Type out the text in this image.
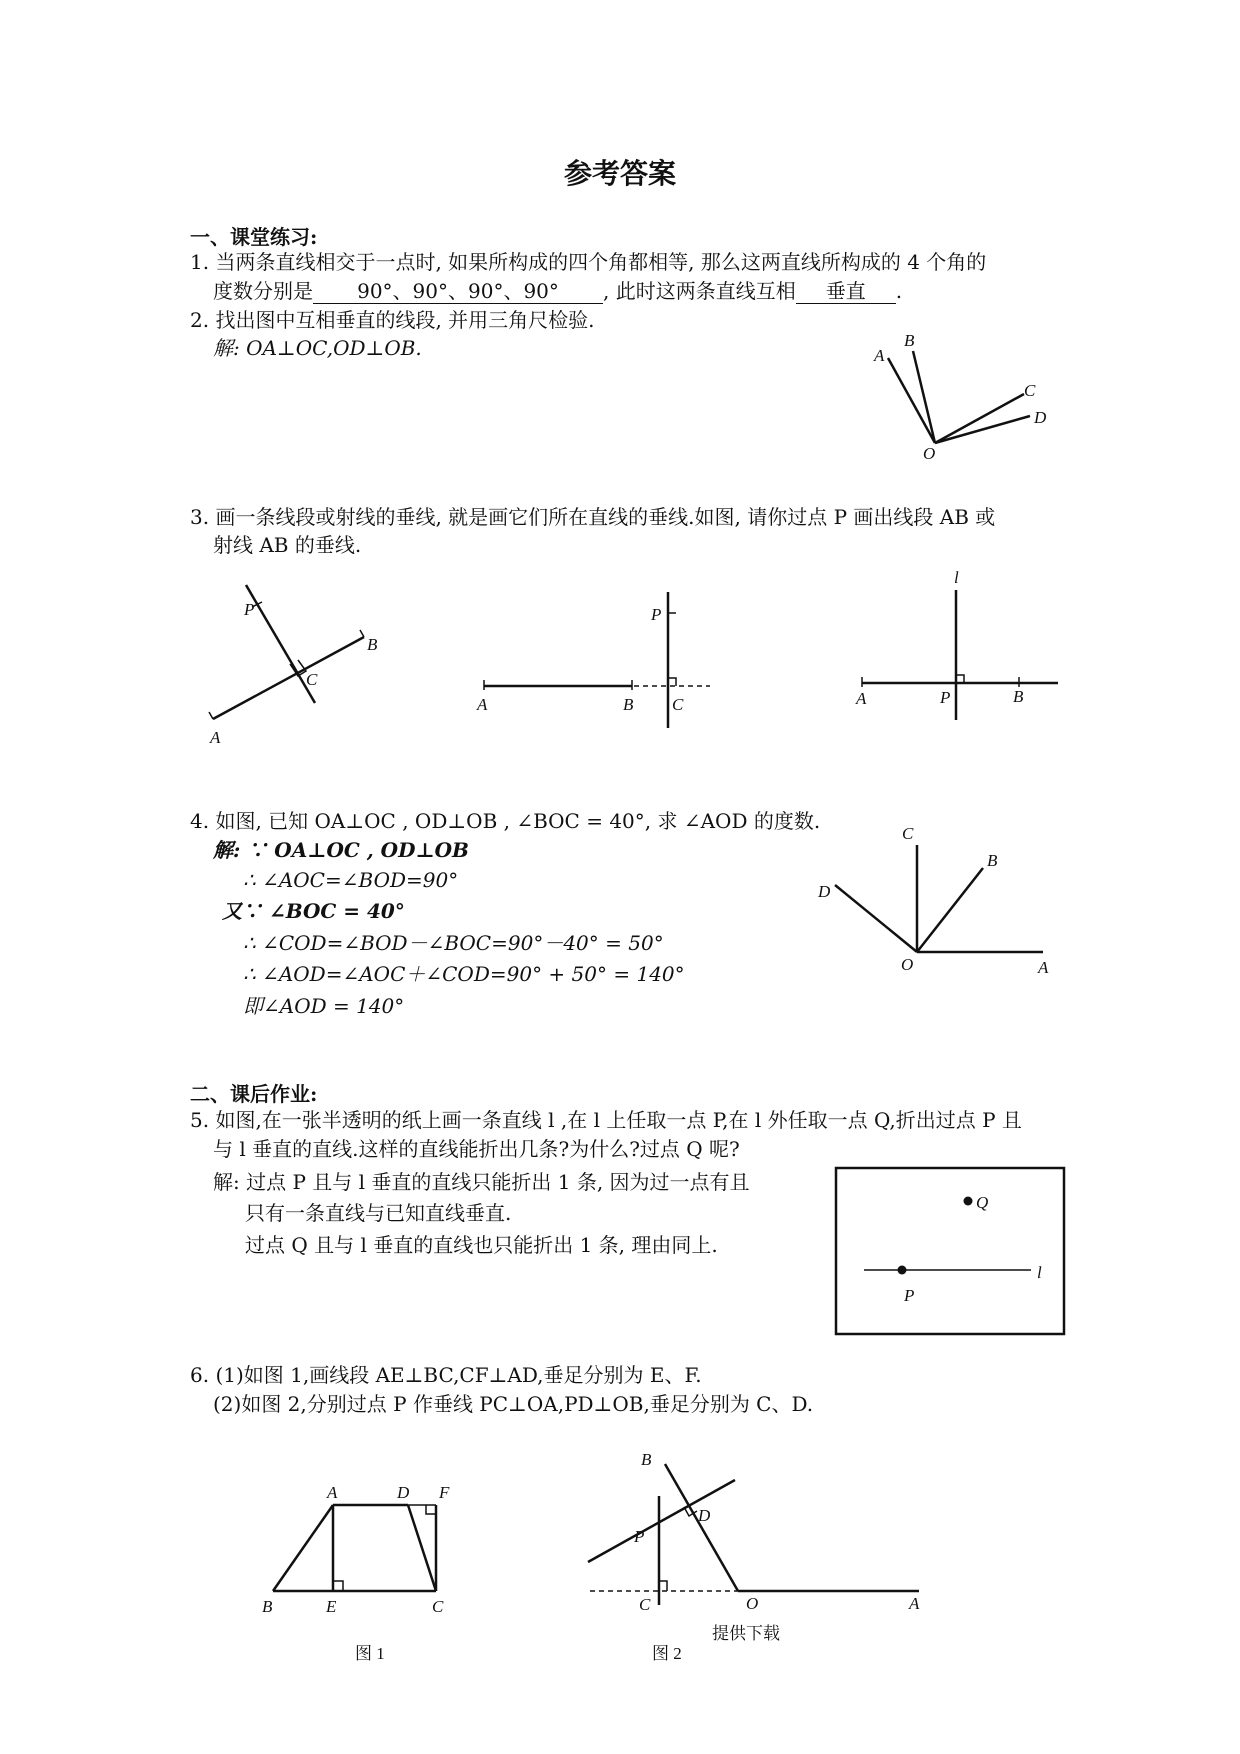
参考答案
一、课堂练习:
1. 当两条直线相交于一点时, 如果所构成的四个角都相等, 那么这两直线所构成的 4 个角的
度数分别是 90°、90°、90°、90° , 此时这两条直线互相 垂直 .
2. 找出图中互相垂直的线段, 并用三角尺检验.
解: OA⊥OC,OD⊥OB.	A
B
C
D
O
P
B
C
A
P
A	B C
l
A	P	B
C
B
D
O	A
Q
l
P
A	D F
B	E	C
图 1
B
D
P
C	O	A
图 2
3. 画一条线段或射线的垂线, 就是画它们所在直线的垂线.如图, 请你过点 P 画出线段 AB 或
射线 AB 的垂线.
4. 如图, 已知 OA⊥OC , OD⊥OB , ∠BOC = 40°, 求 ∠AOD 的度数.
解: ∵ OA⊥OC , OD⊥OB
∴ ∠AOC=∠BOD=90°
又∵ ∠BOC = 40°
∴ ∠COD=∠BOD－∠BOC=90°－40° = 50°
∴ ∠AOD=∠AOC＋∠COD=90° + 50° = 140°
即∠AOD = 140°
二、课后作业:
5. 如图,在一张半透明的纸上画一条直线 l ,在 l 上任取一点 P,在 l 外任取一点 Q,折出过点 P 且
与 l 垂直的直线.这样的直线能折出几条?为什么?过点 Q 呢?
解: 过点 P 且与 l 垂直的直线只能折出 1 条, 因为过一点有且
只有一条直线与已知直线垂直.
过点 Q 且与 l 垂直的直线也只能折出 1 条, 理由同上.
6. (1)如图 1,画线段 AE⊥BC,CF⊥AD,垂足分别为 E、F.
(2)如图 2,分别过点 P 作垂线 PC⊥OA,PD⊥OB,垂足分别为 C、D.
提供下载
